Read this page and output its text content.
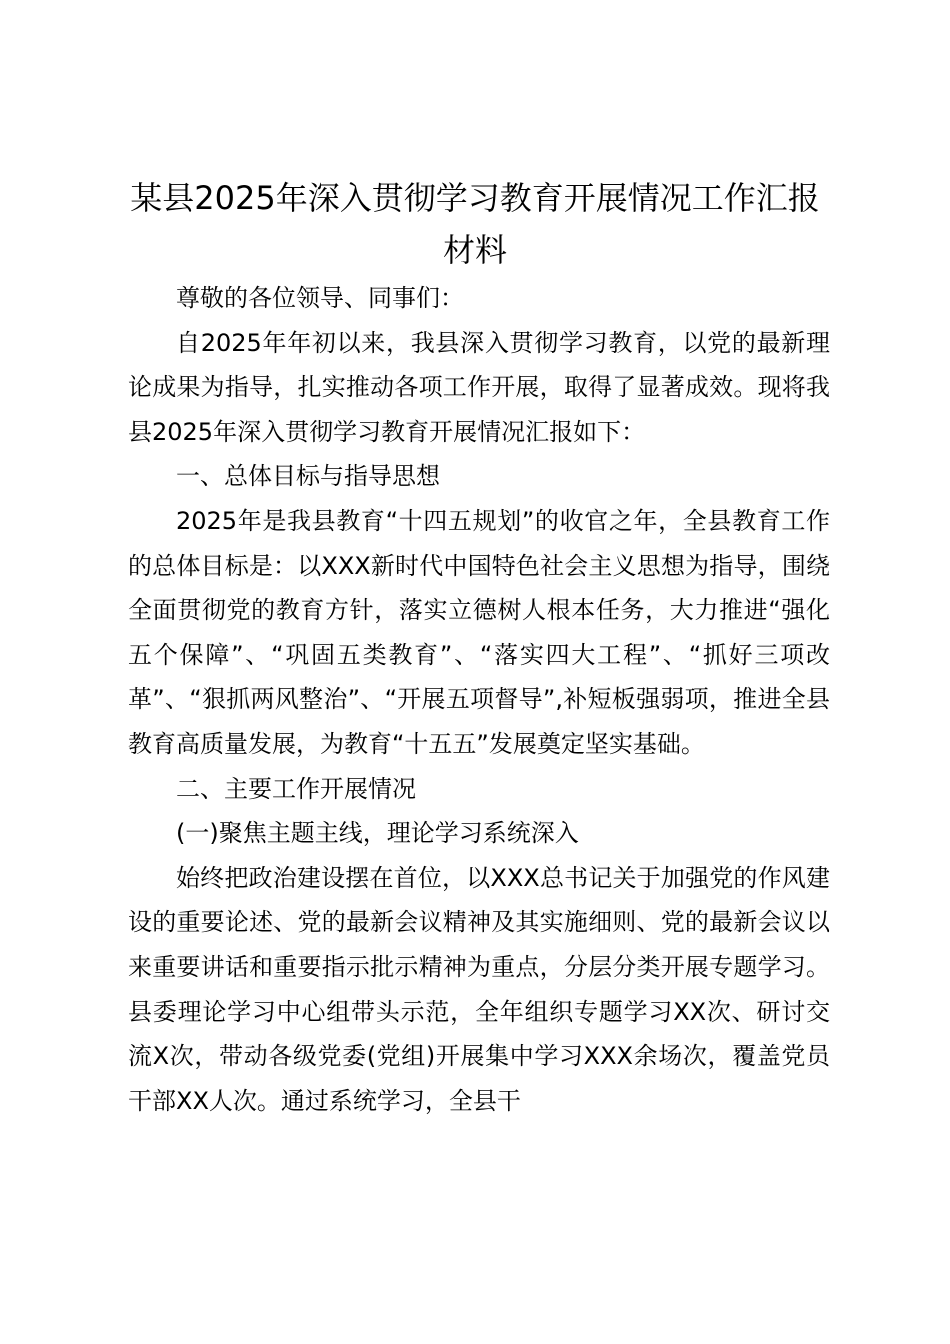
某县2025年深入贯彻学习教育开展情况工作汇报材料

尊敬的各位领导、同事们：

自2025年年初以来，我县深入贯彻学习教育，以党的最新理论成果为指导，扎实推动各项工作开展，取得了显著成效。现将我县2025年深入贯彻学习教育开展情况汇报如下：

一、总体目标与指导思想

2025年是我县教育“十四五规划”的收官之年，全县教育工作的总体目标是：以XXX新时代中国特色社会主义思想为指导，围绕全面贯彻党的教育方针，落实立德树人根本任务，大力推进“强化五个保障”、“巩固五类教育”、“落实四大工程”、“抓好三项改革”、“狠抓两风整治”、“开展五项督导”,补短板强弱项，推进全县教育高质量发展，为教育“十五五”发展奠定坚实基础。

二、主要工作开展情况

(一)聚焦主题主线，理论学习系统深入

始终把政治建设摆在首位，以XXX总书记关于加强党的作风建设的重要论述、党的最新会议精神及其实施细则、党的最新会议以来重要讲话和重要指示批示精神为重点，分层分类开展专题学习。县委理论学习中心组带头示范，全年组织专题学习XX次、研讨交流X次，带动各级党委(党组)开展集中学习XXX余场次，覆盖党员干部XX人次。通过系统学习，全县干
